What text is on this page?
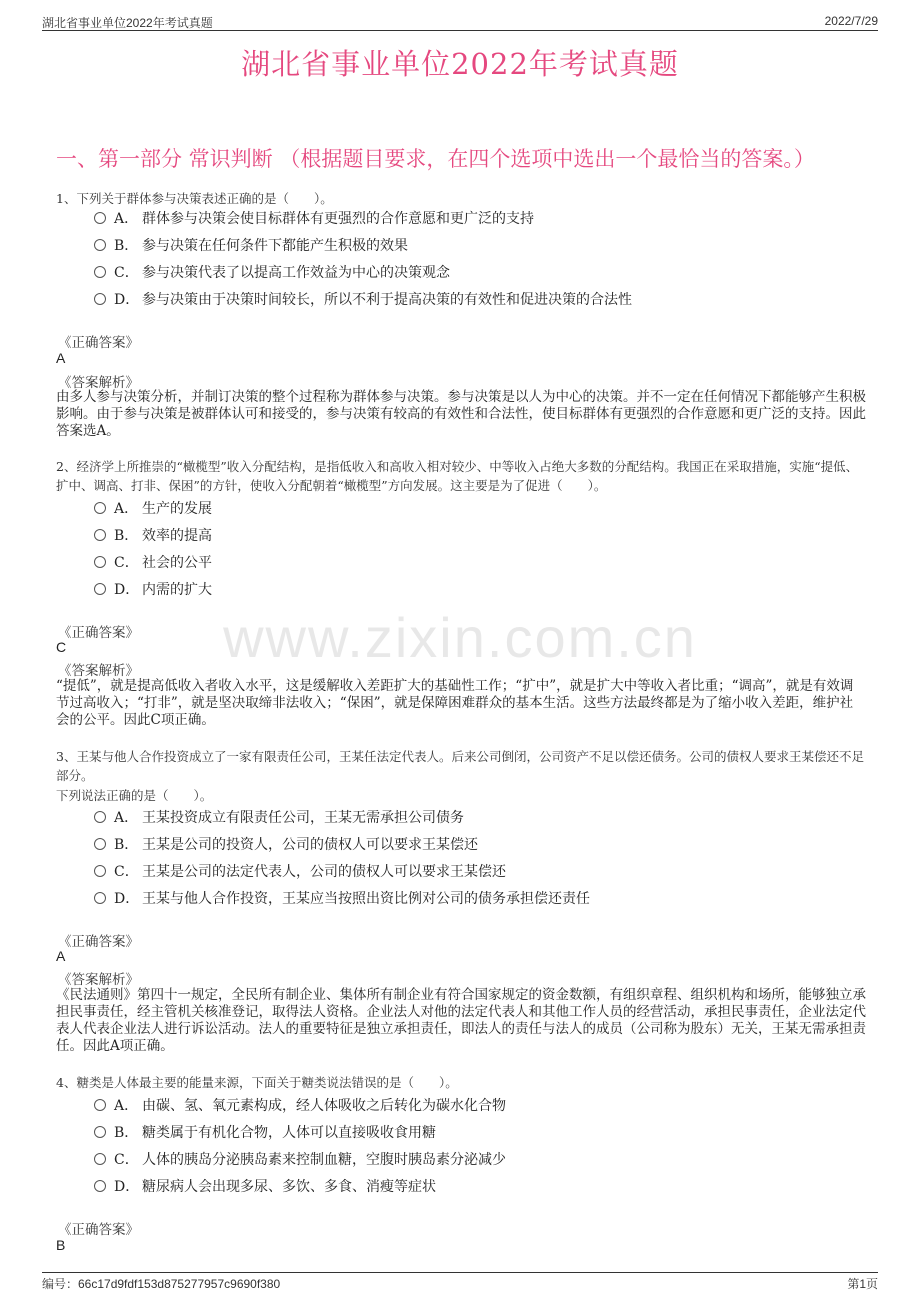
湖北省事业单位2022年考试真题	2022/7/29
湖北省事业单位2022年考试真题
一、第一部分 常识判断 （根据题目要求，在四个选项中选出一个最恰当的答案。）
www.zixin.com.cn
1、下列关于群体参与决策表述正确的是（　　）。
A． 群体参与决策会使目标群体有更强烈的合作意愿和更广泛的支持
B． 参与决策在任何条件下都能产生积极的效果
C． 参与决策代表了以提高工作效益为中心的决策观念
D． 参与决策由于决策时间较长，所以不利于提高决策的有效性和促进决策的合法性
《正确答案》
A
《答案解析》
由多人参与决策分析，并制订决策的整个过程称为群体参与决策。参与决策是以人为中心的决策。并不一定在任何情况下都能够产生积极影响。由于参与决策是被群体认可和接受的，参与决策有较高的有效性和合法性，使目标群体有更强烈的合作意愿和更广泛的支持。因此答案选A。
2、经济学上所推崇的“橄榄型”收入分配结构，是指低收入和高收入相对较少、中等收入占绝大多数的分配结构。我国正在采取措施，实施“提低、扩中、调高、打非、保困”的方针，使收入分配朝着“橄榄型”方向发展。这主要是为了促进（　　）。
A． 生产的发展
B． 效率的提高
C． 社会的公平
D． 内需的扩大
《正确答案》
C
《答案解析》
“提低”，就是提高低收入者收入水平，这是缓解收入差距扩大的基础性工作；“扩中”，就是扩大中等收入者比重；“调高”，就是有效调节过高收入；“打非”，就是坚决取缔非法收入；“保困”，就是保障困难群众的基本生活。这些方法最终都是为了缩小收入差距，维护社会的公平。因此C项正确。
3、王某与他人合作投资成立了一家有限责任公司，王某任法定代表人。后来公司倒闭，公司资产不足以偿还债务。公司的债权人要求王某偿还不足部分。
下列说法正确的是（　　）。
A． 王某投资成立有限责任公司，王某无需承担公司债务
B． 王某是公司的投资人，公司的债权人可以要求王某偿还
C． 王某是公司的法定代表人，公司的债权人可以要求王某偿还
D． 王某与他人合作投资，王某应当按照出资比例对公司的债务承担偿还责任
《正确答案》
A
《答案解析》
《民法通则》第四十一规定，全民所有制企业、集体所有制企业有符合国家规定的资金数额，有组织章程、组织机构和场所，能够独立承担民事责任，经主管机关核准登记，取得法人资格。企业法人对他的法定代表人和其他工作人员的经营活动，承担民事责任，企业法定代表人代表企业法人进行诉讼活动。法人的重要特征是独立承担责任，即法人的责任与法人的成员（公司称为股东）无关，王某无需承担责任。因此A项正确。
4、糖类是人体最主要的能量来源，下面关于糖类说法错误的是（　　）。
A． 由碳、氢、氧元素构成，经人体吸收之后转化为碳水化合物
B． 糖类属于有机化合物，人体可以直接吸收食用糖
C． 人体的胰岛分泌胰岛素来控制血糖，空腹时胰岛素分泌减少
D． 糖尿病人会出现多尿、多饮、多食、消瘦等症状
《正确答案》
B
编号：66c17d9fdf153d875277957c9690f380	第1页
